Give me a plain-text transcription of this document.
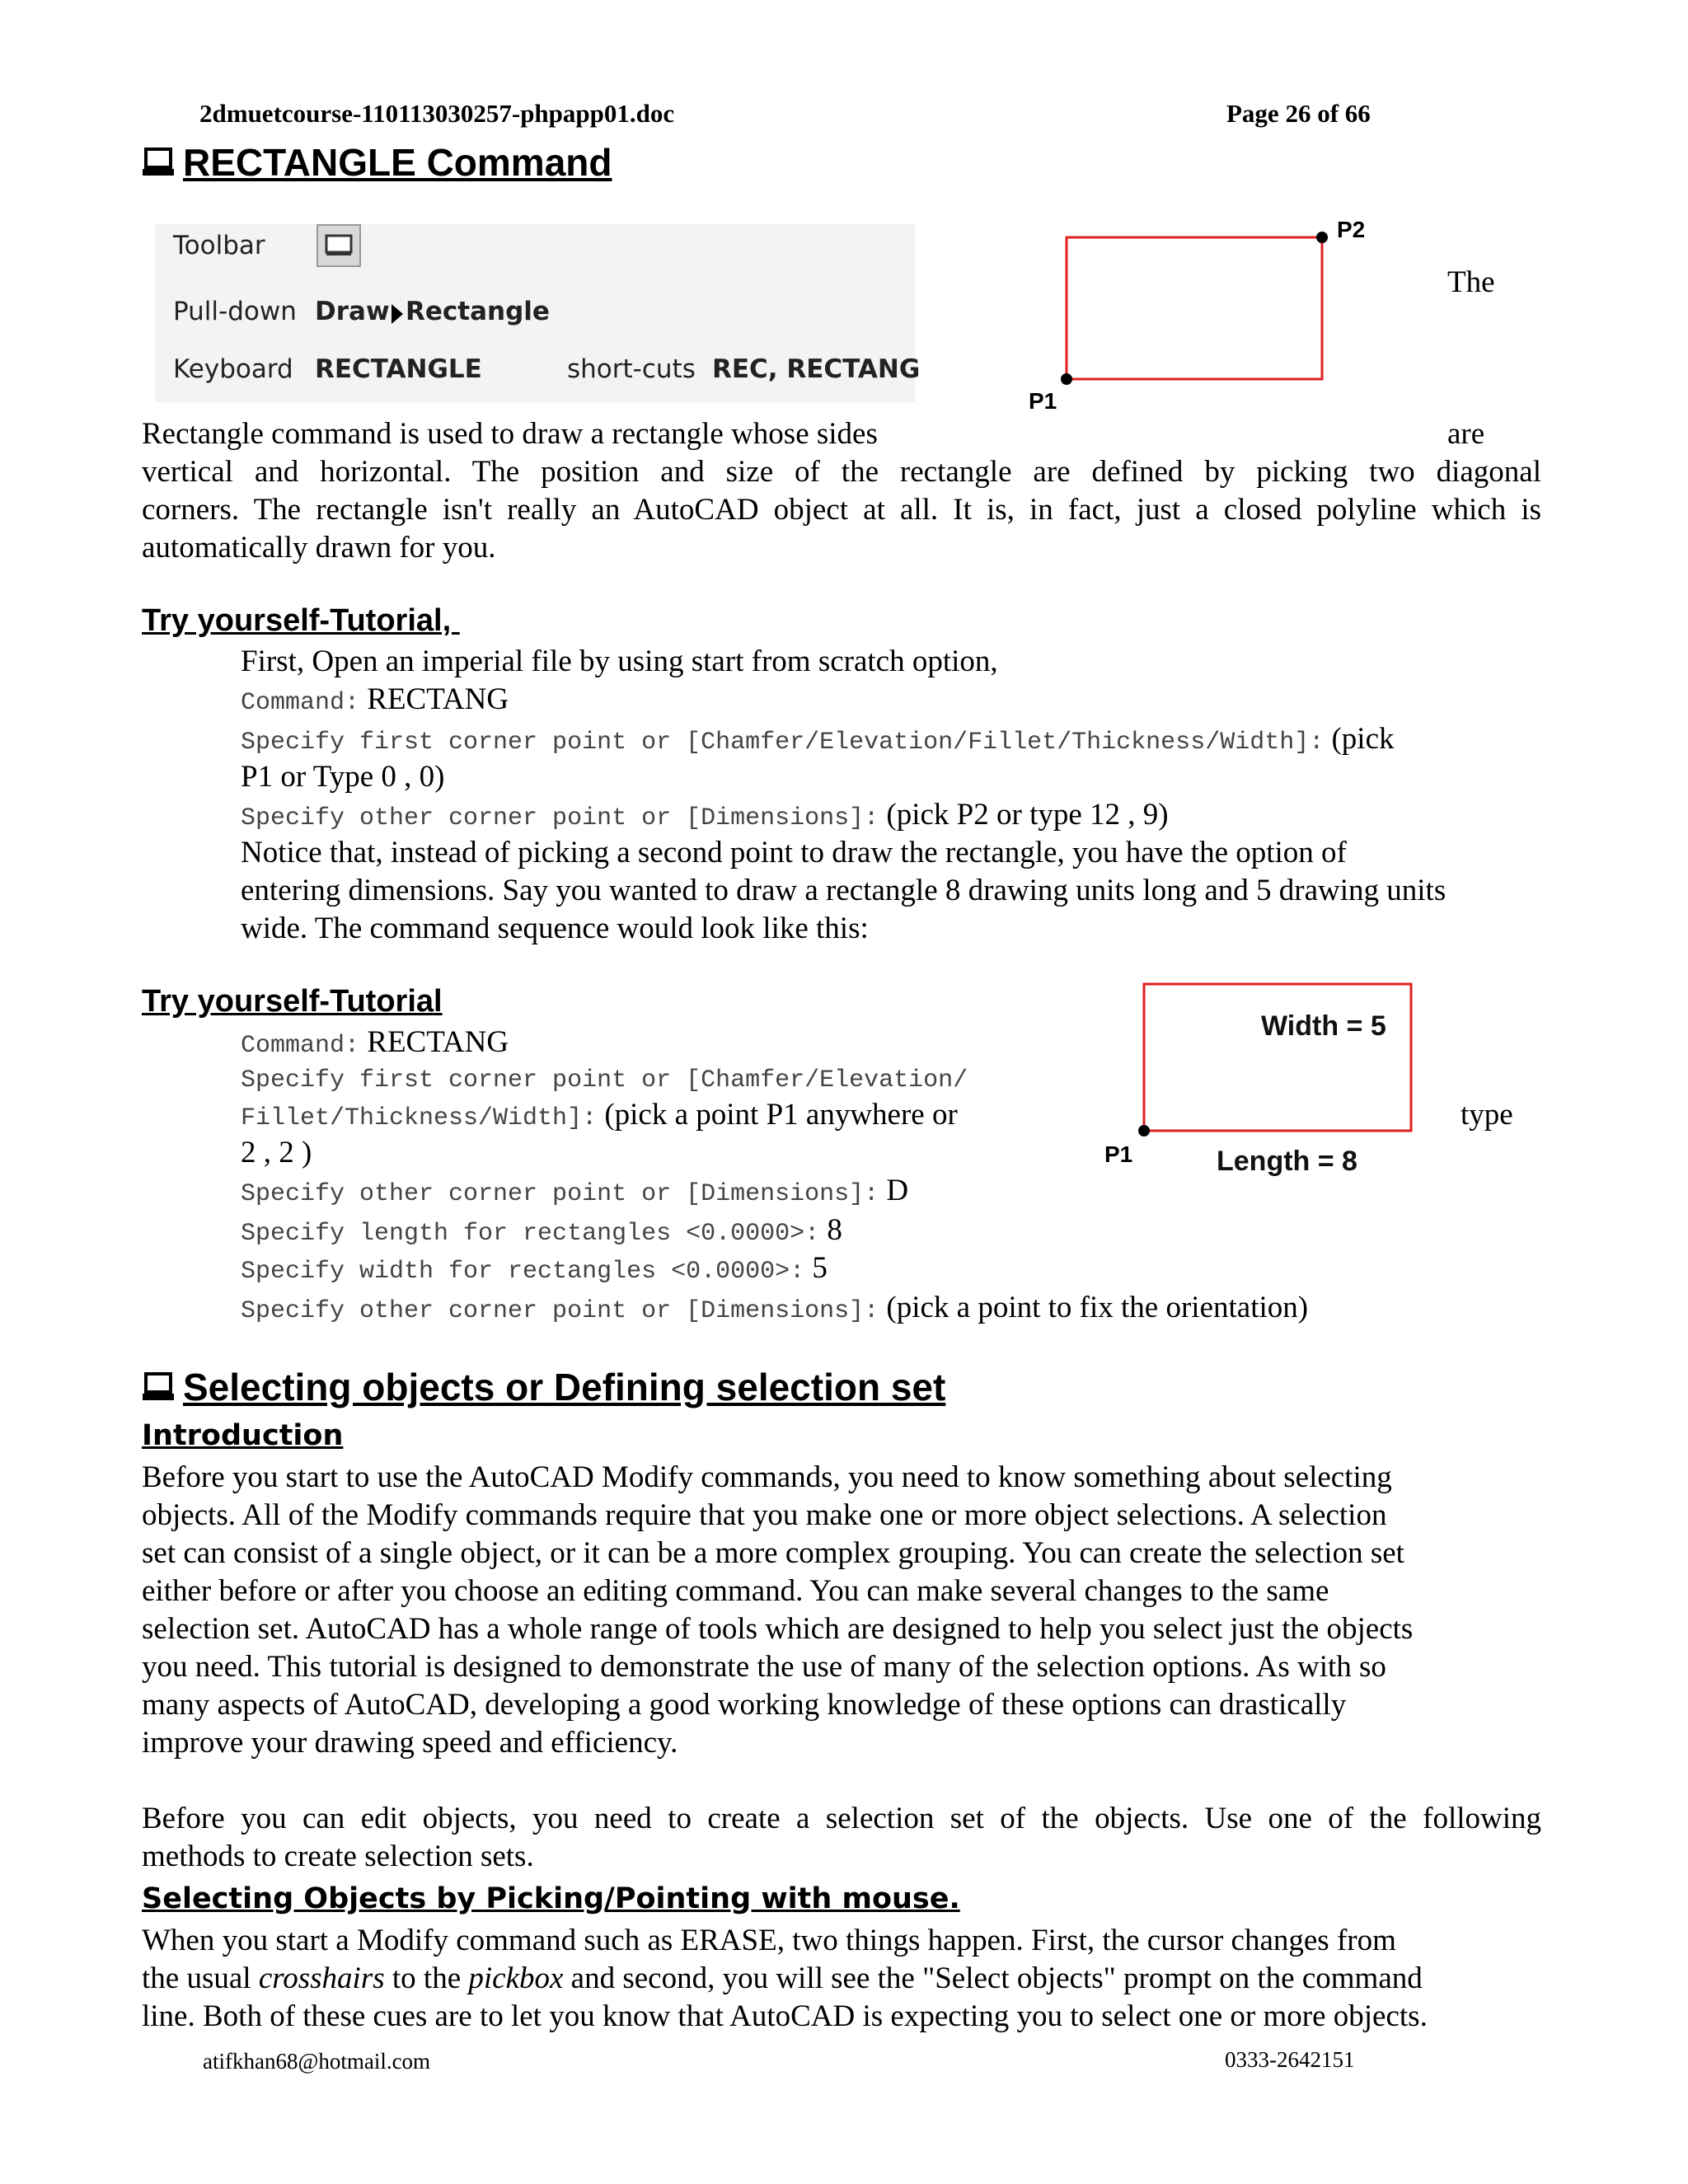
2dmuetcourse-110113030257-phpapp01.doc	Page 26 of 66
RECTANGLE Command
Toolbar
Pull-down Draw Rectangle
Keyboard RECTANGLE	short-cuts REC, RECTANG
P1
P2
The
Rectangle command is used to draw a rectangle whose sides	are
vertical and horizontal. The position and size of the rectangle are defined by picking two diagonal
corners. The rectangle isn't really an AutoCAD object at all. It is, in fact, just a closed polyline which is
automatically drawn for you.
Try yourself-Tutorial,
First, Open an imperial file by using start from scratch option,
Command: RECTANG
Specify first corner point or [Chamfer/Elevation/Fillet/Thickness/Width]: (pick
P1 or Type 0 , 0)
Specify other corner point or [Dimensions]: (pick P2 or type 12 , 9)
Notice that, instead of picking a second point to draw the rectangle, you have the option of
entering dimensions. Say you wanted to draw a rectangle 8 drawing units long and 5 drawing units
wide. The command sequence would look like this:
Try yourself-Tutorial
Command: RECTANG
Specify first corner point or [Chamfer/Elevation/
Fillet/Thickness/Width]: (pick a point P1 anywhere or	type
2 , 2 )
Specify other corner point or [Dimensions]: D
Specify length for rectangles <0.0000>: 8
Specify width for rectangles <0.0000>: 5
Specify other corner point or [Dimensions]: (pick a point to fix the orientation)
Width = 5
Length = 8
P1
Selecting objects or Defining selection set
Introduction
Before you start to use the AutoCAD Modify commands, you need to know something about selecting
objects. All of the Modify commands require that you make one or more object selections. A selection
set can consist of a single object, or it can be a more complex grouping. You can create the selection set
either before or after you choose an editing command. You can make several changes to the same
selection set. AutoCAD has a whole range of tools which are designed to help you select just the objects
you need. This tutorial is designed to demonstrate the use of many of the selection options. As with so
many aspects of AutoCAD, developing a good working knowledge of these options can drastically
improve your drawing speed and efficiency.
Before you can edit objects, you need to create a selection set of the objects. Use one of the following
methods to create selection sets.
Selecting Objects by Picking/Pointing with mouse.
When you start a Modify command such as ERASE, two things happen. First, the cursor changes from
the usual crosshairs to the pickbox and second, you will see the "Select objects" prompt on the command
line. Both of these cues are to let you know that AutoCAD is expecting you to select one or more objects.
atifkhan68@hotmail.com	0333-2642151
